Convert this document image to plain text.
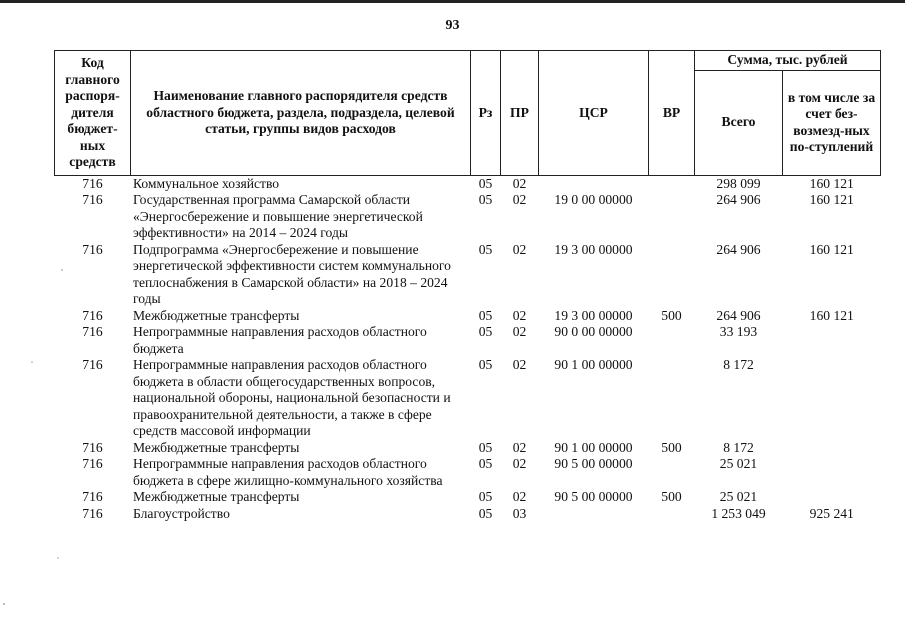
93
Код главного распоря-дителя бюджет-ных средств	Наименование главного распорядителя средств областного бюджета, раздела, подраздела, целевой статьи, группы видов расходов	Рз	ПР	ЦСР	ВР	Сумма, тыс. рублей	
						Всего	в том числе за счет без-возмезд-ных по-ступлений
716	Коммунальное хозяйство	05	02			298 099	160 121
716	Государственная программа Самарской области «Энергосбережение и повышение энергетической эффективности» на 2014 – 2024 годы	05	02	19 0 00 00000		264 906	160 121
716	Подпрограмма «Энергосбережение и повышение энергетической эффективности систем коммунального теплоснабжения в Самарской области» на 2018 – 2024 годы	05	02	19 3 00 00000		264 906	160 121
716	Межбюджетные трансферты	05	02	19 3 00 00000	500	264 906	160 121
716	Непрограммные направления расходов областного бюджета	05	02	90 0 00 00000		33 193	
716	Непрограммные направления расходов областного бюджета в области общегосударственных вопросов, национальной обороны, национальной безопасности и правоохранительной деятельности, а также в сфере средств массовой информации	05	02	90 1 00 00000		8 172	
716	Межбюджетные трансферты	05	02	90 1 00 00000	500	8 172	
716	Непрограммные направления расходов областного бюджета в сфере жилищно-коммунального хозяйства	05	02	90 5 00 00000		25 021	
716	Межбюджетные трансферты	05	02	90 5 00 00000	500	25 021	
716	Благоустройство	05	03			1 253 049	925 241
